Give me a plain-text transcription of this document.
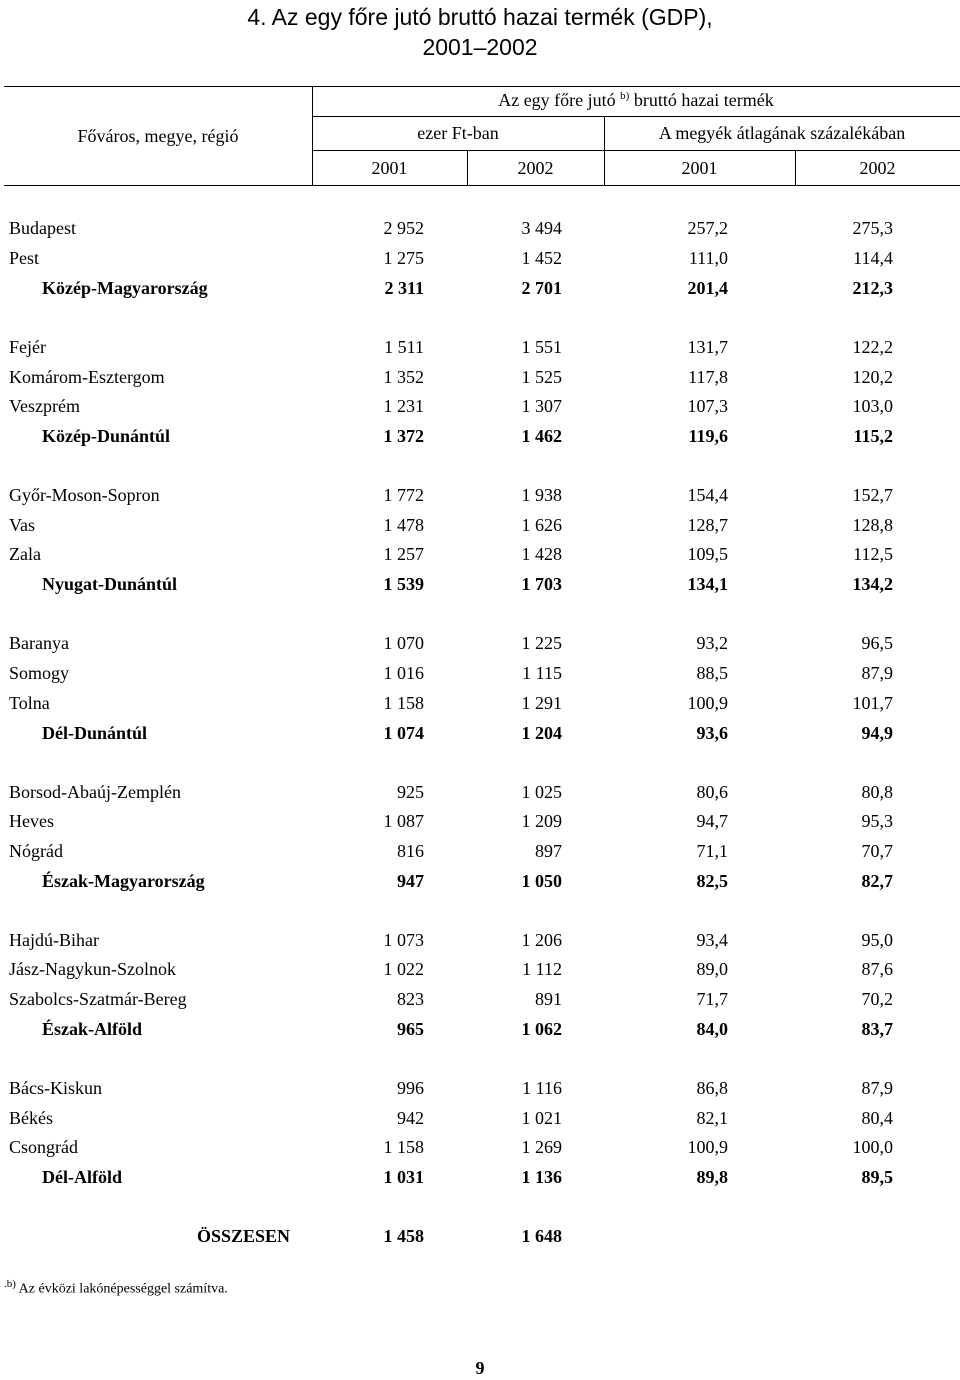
4. Az egy főre jutó bruttó hazai termék (GDP),
2001–2002
Főváros, megye, régió
Az egy főre jutó $^{b)}$ bruttó hazai termék
ezer Ft-ban	A megyék átlagának százalékában
2001	2002	2001	2002
Budapest	2 952	3 494	257,2	275,3
Pest	1 275	1 452	111,0	114,4
Közép-Magyarország	2 311	2 701	201,4	212,3
Fejér	1 511	1 551	131,7	122,2
Komárom-Esztergom	1 352	1 525	117,8	120,2
Veszprém	1 231	1 307	107,3	103,0
Közép-Dunántúl	1 372	1 462	119,6	115,2
Győr-Moson-Sopron	1 772	1 938	154,4	152,7
Vas	1 478	1 626	128,7	128,8
Zala	1 257	1 428	109,5	112,5
Nyugat-Dunántúl	1 539	1 703	134,1	134,2
Baranya	1 070	1 225	93,2	96,5
Somogy	1 016	1 115	88,5	87,9
Tolna	1 158	1 291	100,9	101,7
Dél-Dunántúl	1 074	1 204	93,6	94,9
Borsod-Abaúj-Zemplén	925	1 025	80,6	80,8
Heves	1 087	1 209	94,7	95,3
Nógrád	816	897	71,1	70,7
Észak-Magyarország	947	1 050	82,5	82,7
Hajdú-Bihar	1 073	1 206	93,4	95,0
Jász-Nagykun-Szolnok	1 022	1 112	89,0	87,6
Szabolcs-Szatmár-Bereg	823	891	71,7	70,2
Észak-Alföld	965	1 062	84,0	83,7
Bács-Kiskun	996	1 116	86,8	87,9
Békés	942	1 021	82,1	80,4
Csongrád	1 158	1 269	100,9	100,0
Dél-Alföld	1 031	1 136	89,8	89,5
ÖSSZESEN	1 458	1 648
$^{.b)}$ Az évközi lakónépességgel számítva.
9
